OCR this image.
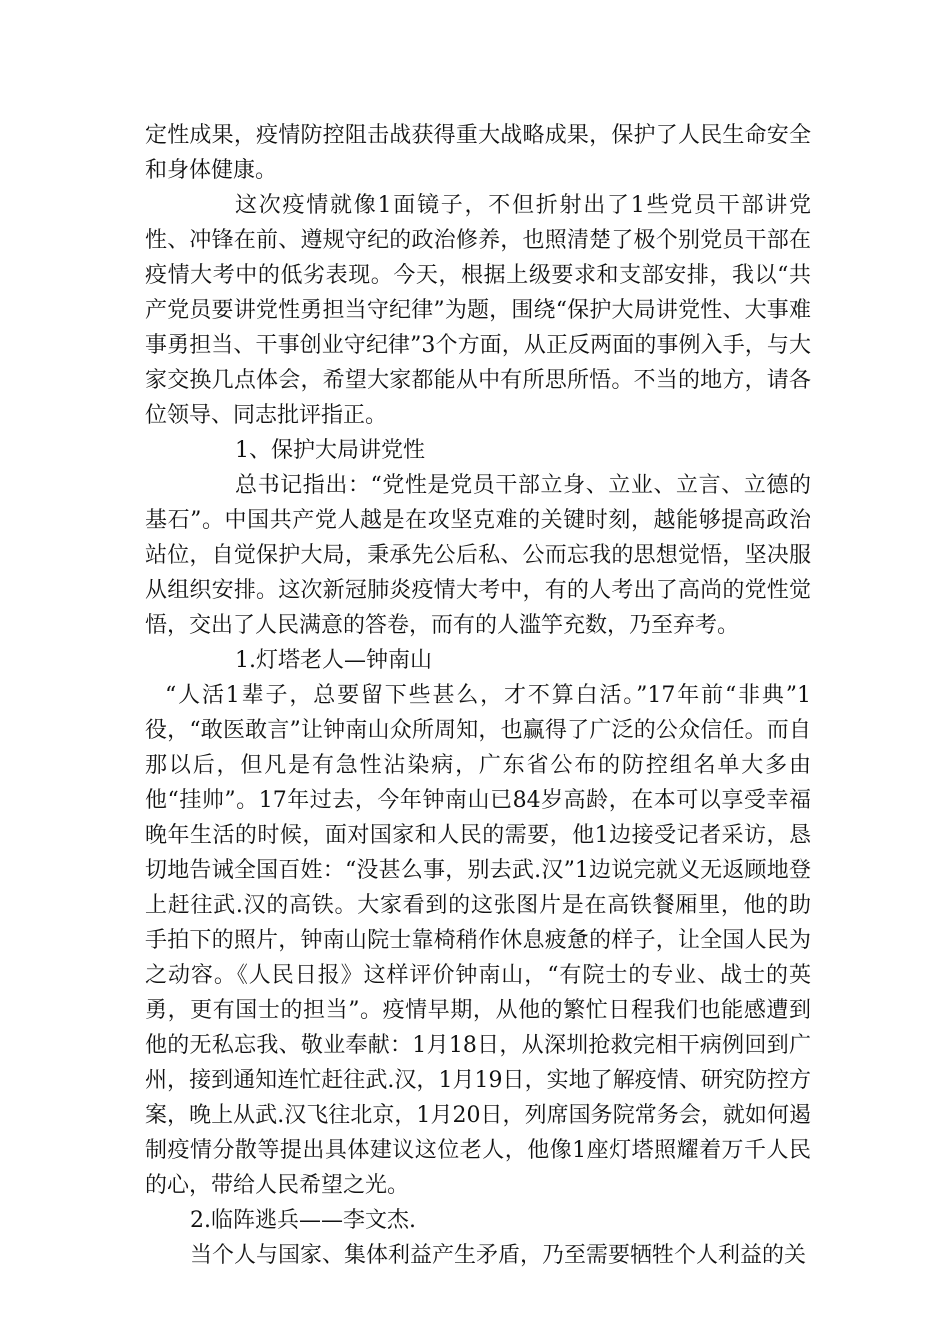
定性成果，疫情防控阻击战获得重大战略成果，保护了人民生命安全和身体健康。

这次疫情就像1面镜子，不但折射出了1些党员干部讲党性、冲锋在前、遵规守纪的政治修养，也照清楚了极个别党员干部在疫情大考中的低劣表现。今天，根据上级要求和支部安排，我以“共产党员要讲党性勇担当守纪律”为题，围绕“保护大局讲党性、大事难事勇担当、干事创业守纪律”3个方面，从正反两面的事例入手，与大家交换几点体会，希望大家都能从中有所思所悟。不当的地方，请各位领导、同志批评指正。

1、保护大局讲党性

总书记指出：“党性是党员干部立身、立业、立言、立德的基石”。中国共产党人越是在攻坚克难的关键时刻，越能够提高政治站位，自觉保护大局，秉承先公后私、公而忘我的思想觉悟，坚决服从组织安排。这次新冠肺炎疫情大考中，有的人考出了高尚的党性觉悟，交出了人民满意的答卷，而有的人滥竽充数，乃至弃考。

1.灯塔老人—钟南山

“人活1辈子，总要留下些甚么，才不算白活。”17年前“非典”1役，“敢医敢言”让钟南山众所周知，也赢得了广泛的公众信任。而自那以后，但凡是有急性沾染病，广东省公布的防控组名单大多由他“挂帅”。17年过去，今年钟南山已84岁高龄，在本可以享受幸福晚年生活的时候，面对国家和人民的需要，他1边接受记者采访，恳切地告诫全国百姓：“没甚么事，别去武.汉”1边说完就义无返顾地登上赶往武.汉的高铁。大家看到的这张图片是在高铁餐厢里，他的助手拍下的照片，钟南山院士靠椅稍作休息疲惫的样子，让全国人民为之动容。《人民日报》这样评价钟南山，“有院士的专业、战士的英勇，更有国士的担当”。疫情早期，从他的繁忙日程我们也能感遭到他的无私忘我、敬业奉献：1月18日，从深圳抢救完相干病例回到广州，接到通知连忙赶往武.汉，1月19日，实地了解疫情、研究防控方案，晚上从武.汉飞往北京，1月20日，列席国务院常务会，就如何遏制疫情分散等提出具体建议这位老人，他像1座灯塔照耀着万千人民的心，带给人民希望之光。

2.临阵逃兵——李文杰.

当个人与国家、集体利益产生矛盾，乃至需要牺牲个人利益的关
